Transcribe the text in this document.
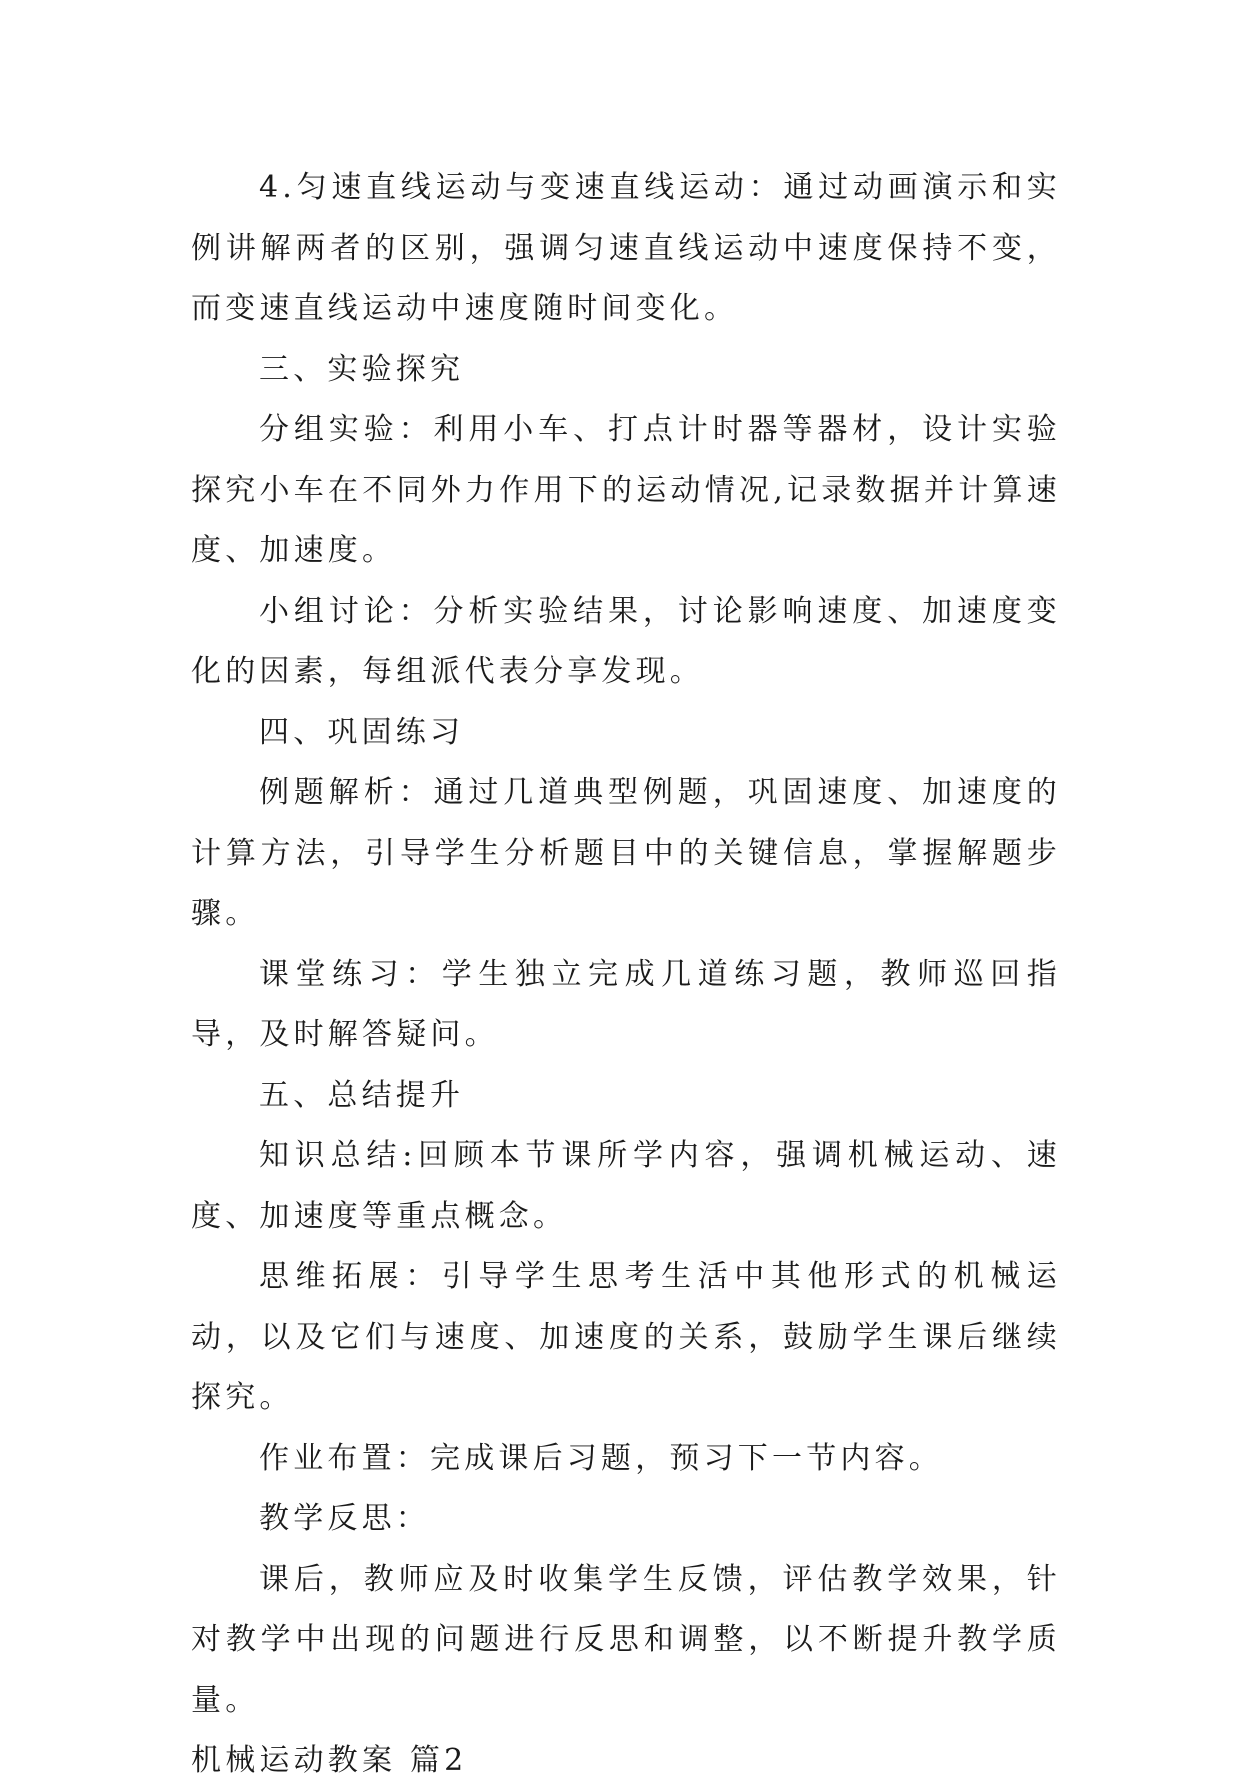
4.匀速直线运动与变速直线运动：通过动画演示和实例讲解两者的区别，强调匀速直线运动中速度保持不变，而变速直线运动中速度随时间变化。

三、实验探究

分组实验：利用小车、打点计时器等器材，设计实验探究小车在不同外力作用下的运动情况,记录数据并计算速度、加速度。

小组讨论：分析实验结果，讨论影响速度、加速度变化的因素，每组派代表分享发现。

四、巩固练习

例题解析：通过几道典型例题，巩固速度、加速度的计算方法，引导学生分析题目中的关键信息，掌握解题步骤。

课堂练习：学生独立完成几道练习题，教师巡回指导，及时解答疑问。

五、总结提升

知识总结:回顾本节课所学内容，强调机械运动、速度、加速度等重点概念。

思维拓展：引导学生思考生活中其他形式的机械运动，以及它们与速度、加速度的关系，鼓励学生课后继续探究。

作业布置：完成课后习题，预习下一节内容。

教学反思：

课后，教师应及时收集学生反馈，评估教学效果，针对教学中出现的问题进行反思和调整，以不断提升教学质量。

机械运动教案 篇2
